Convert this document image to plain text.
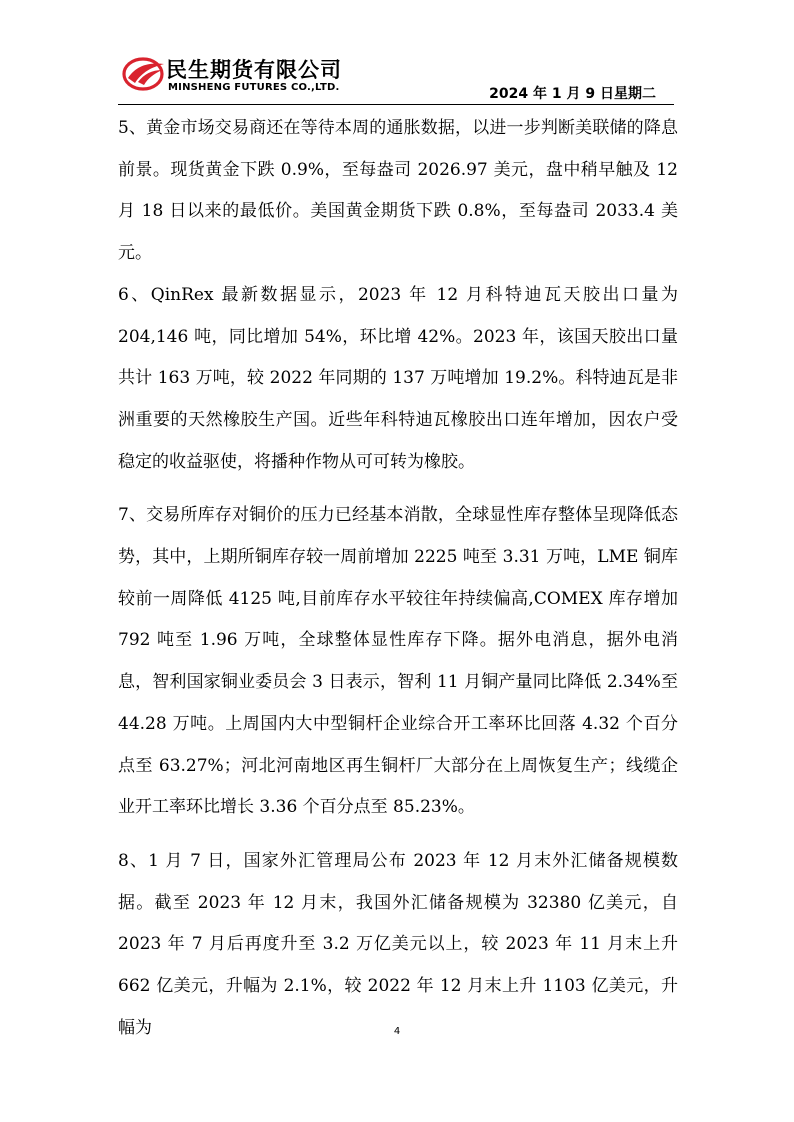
民生期货有限公司
MINSHENG FUTURES CO.,LTD.	2024 年 1 月 9 日星期二

5、黄金市场交易商还在等待本周的通胀数据，以进一步判断美联储的降息前景。现货黄金下跌 0.9%，至每盎司 2026.97 美元，盘中稍早触及 12 月 18 日以来的最低价。美国黄金期货下跌 0.8%，至每盎司 2033.4 美元。

6、QinRex 最新数据显示，2023 年 12 月科特迪瓦天胶出口量为 204,146 吨，同比增加 54%，环比增 42%。2023 年，该国天胶出口量共计 163 万吨，较 2022 年同期的 137 万吨增加 19.2%。科特迪瓦是非洲重要的天然橡胶生产国。近些年科特迪瓦橡胶出口连年增加，因农户受稳定的收益驱使，将播种作物从可可转为橡胶。

7、交易所库存对铜价的压力已经基本消散，全球显性库存整体呈现降低态势，其中，上期所铜库存较一周前增加 2225 吨至 3.31 万吨，LME 铜库较前一周降低 4125 吨,目前库存水平较往年持续偏高,COMEX 库存增加 792 吨至 1.96 万吨，全球整体显性库存下降。据外电消息，据外电消息，智利国家铜业委员会 3 日表示，智利 11 月铜产量同比降低 2.34%至 44.28 万吨。上周国内大中型铜杆企业综合开工率环比回落 4.32 个百分点至 63.27%；河北河南地区再生铜杆厂大部分在上周恢复生产；线缆企业开工率环比增长 3.36 个百分点至 85.23%。

8、1 月 7 日，国家外汇管理局公布 2023 年 12 月末外汇储备规模数据。截至 2023 年 12 月末，我国外汇储备规模为 32380 亿美元，自 2023 年 7 月后再度升至 3.2 万亿美元以上，较 2023 年 11 月末上升 662 亿美元，升幅为 2.1%，较 2022 年 12 月末上升 1103 亿美元，升幅为	4
